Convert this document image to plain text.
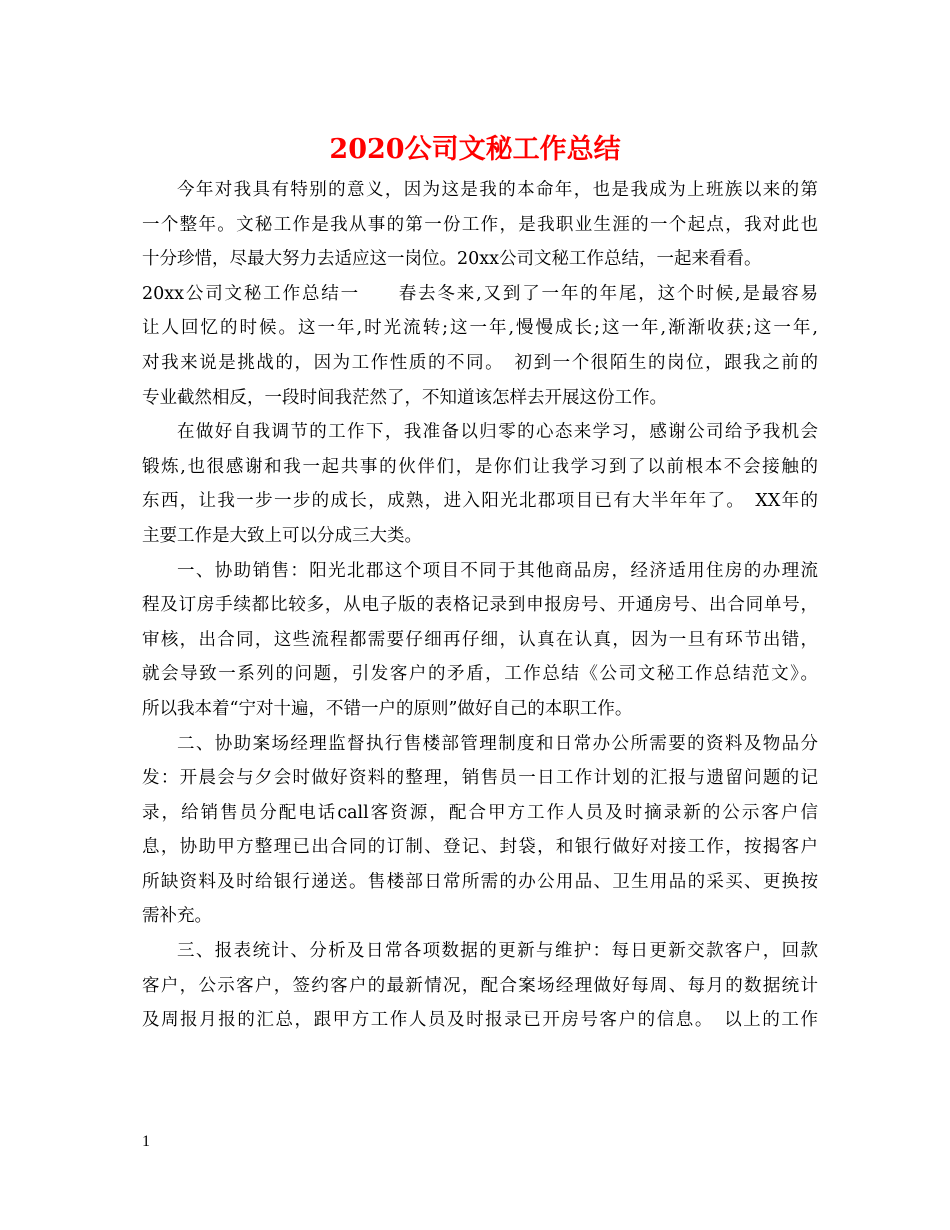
2020公司文秘工作总结
今年对我具有特别的意义，因为这是我的本命年，也是我成为上班族以来的第
一个整年。文秘工作是我从事的第一份工作，是我职业生涯的一个起点，我对此也
十分珍惜，尽最大努力去适应这一岗位。20xx公司文秘工作总结，一起来看看。
20xx公司文秘工作总结一　　春去冬来,又到了一年的年尾，这个时候,是最容易
让人回忆的时候。这一年,时光流转;这一年,慢慢成长;这一年,渐渐收获;这一年,
对我来说是挑战的，因为工作性质的不同。　初到一个很陌生的岗位，跟我之前的
专业截然相反，一段时间我茫然了，不知道该怎样去开展这份工作。
在做好自我调节的工作下，我准备以归零的心态来学习，感谢公司给予我机会
锻炼,也很感谢和我一起共事的伙伴们，是你们让我学习到了以前根本不会接触的
东西，让我一步一步的成长，成熟，进入阳光北郡项目已有大半年年了。　XX年的
主要工作是大致上可以分成三大类。
一、协助销售：阳光北郡这个项目不同于其他商品房，经济适用住房的办理流
程及订房手续都比较多，从电子版的表格记录到申报房号、开通房号、出合同单号，
审核，出合同，这些流程都需要仔细再仔细，认真在认真，因为一旦有环节出错，
就会导致一系列的问题，引发客户的矛盾，工作总结《公司文秘工作总结范文》。
所以我本着“宁对十遍，不错一户的原则”做好自己的本职工作。
二、协助案场经理监督执行售楼部管理制度和日常办公所需要的资料及物品分
发：开晨会与夕会时做好资料的整理，销售员一日工作计划的汇报与遗留问题的记
录，给销售员分配电话call客资源，配合甲方工作人员及时摘录新的公示客户信
息，协助甲方整理已出合同的订制、登记、封袋，和银行做好对接工作，按揭客户
所缺资料及时给银行递送。售楼部日常所需的办公用品、卫生用品的采买、更换按
需补充。
三、报表统计、分析及日常各项数据的更新与维护：每日更新交款客户，回款
客户，公示客户，签约客户的最新情况，配合案场经理做好每周、每月的数据统计
及周报月报的汇总，跟甲方工作人员及时报录已开房号客户的信息。　以上的工作
1
